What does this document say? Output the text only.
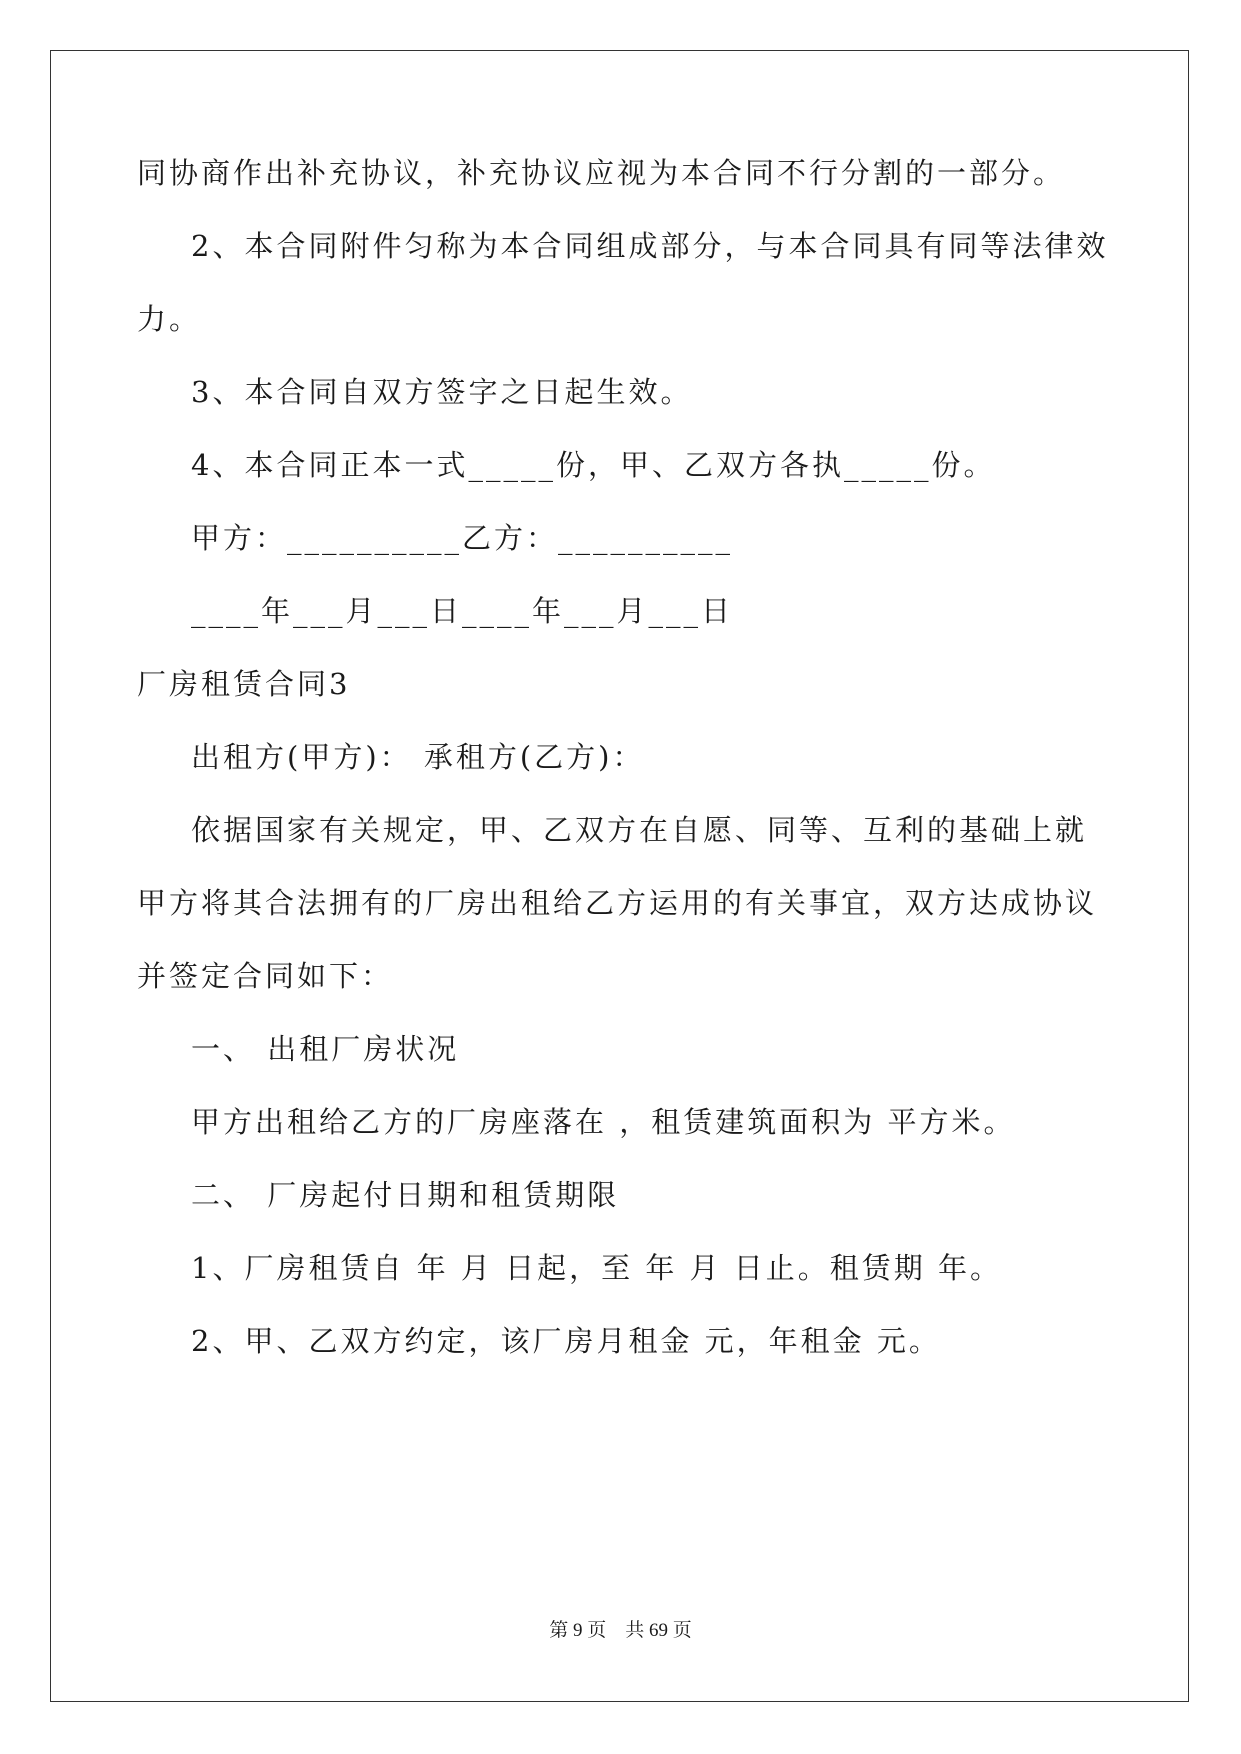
同协商作出补充协议，补充协议应视为本合同不行分割的一部分。

2、本合同附件匀称为本合同组成部分，与本合同具有同等法律效

力。

3、本合同自双方签字之日起生效。

4、本合同正本一式_____份，甲、乙双方各执_____份。

甲方：__________乙方：__________

____年___月___日____年___月___日

厂房租赁合同3

出租方(甲方)： 承租方(乙方)：

依据国家有关规定，甲、乙双方在自愿、同等、互利的基础上就

甲方将其合法拥有的厂房出租给乙方运用的有关事宜，双方达成协议

并签定合同如下：

一、 出租厂房状况

甲方出租给乙方的厂房座落在 ，租赁建筑面积为 平方米。

二、 厂房起付日期和租赁期限

1、厂房租赁自 年 月 日起，至 年 月 日止。租赁期 年。

2、甲、乙双方约定，该厂房月租金 元，年租金 元。

第 9 页    共 69 页
